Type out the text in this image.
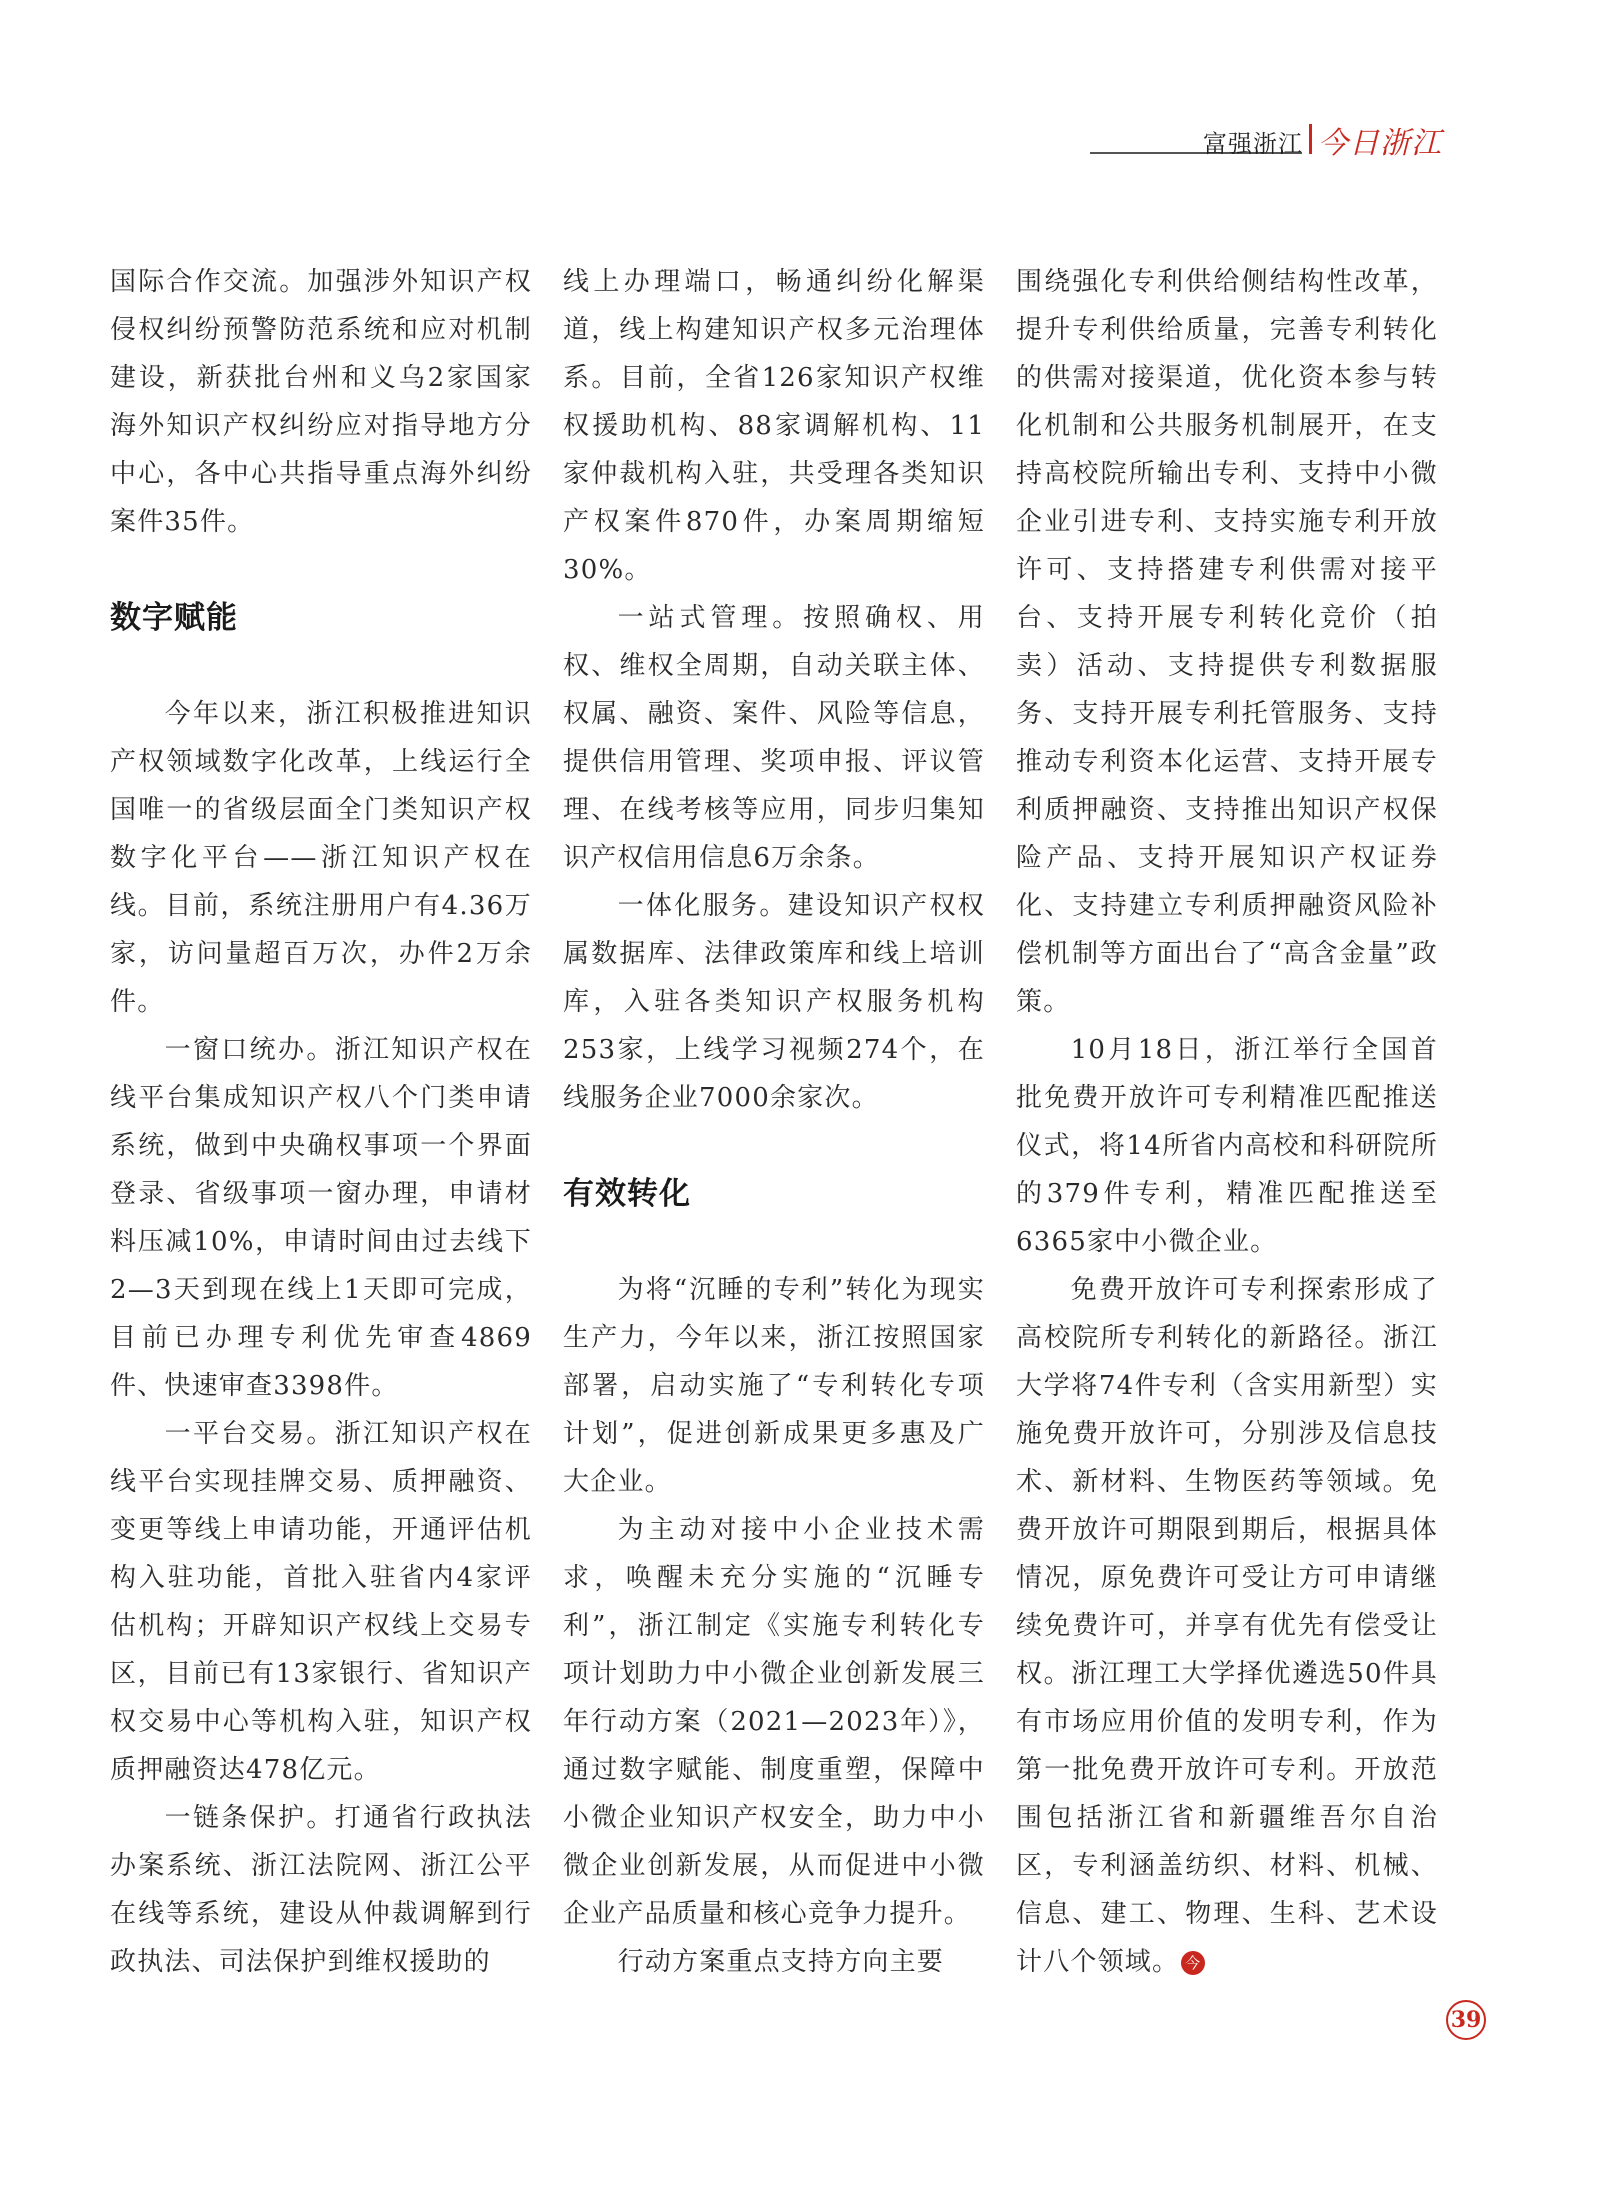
富强浙江 今日浙江

国际合作交流。加强涉外知识产权侵权纠纷预警防范系统和应对机制建设，新获批台州和义乌2家国家海外知识产权纠纷应对指导地方分中心，各中心共指导重点海外纠纷案件35件。

数字赋能

今年以来，浙江积极推进知识产权领域数字化改革，上线运行全国唯一的省级层面全门类知识产权数字化平台——浙江知识产权在线。目前，系统注册用户有4.36万家，访问量超百万次，办件2万余件。

一窗口统办。浙江知识产权在线平台集成知识产权八个门类申请系统，做到中央确权事项一个界面登录、省级事项一窗办理，申请材料压减10%，申请时间由过去线下2—3天到现在线上1天即可完成，目前已办理专利优先审查4869件、快速审查3398件。

一平台交易。浙江知识产权在线平台实现挂牌交易、质押融资、变更等线上申请功能，开通评估机构入驻功能，首批入驻省内4家评估机构；开辟知识产权线上交易专区，目前已有13家银行、省知识产权交易中心等机构入驻，知识产权质押融资达478亿元。

一链条保护。打通省行政执法办案系统、浙江法院网、浙江公平在线等系统，建设从仲裁调解到行政执法、司法保护到维权援助的

线上办理端口，畅通纠纷化解渠道，线上构建知识产权多元治理体系。目前，全省126家知识产权维权援助机构、88家调解机构、11家仲裁机构入驻，共受理各类知识产权案件870件，办案周期缩短30%。

一站式管理。按照确权、用权、维权全周期，自动关联主体、权属、融资、案件、风险等信息，提供信用管理、奖项申报、评议管理、在线考核等应用，同步归集知识产权信用信息6万余条。

一体化服务。建设知识产权权属数据库、法律政策库和线上培训库，入驻各类知识产权服务机构253家，上线学习视频274个，在线服务企业7000余家次。

有效转化

为将“沉睡的专利”转化为现实生产力，今年以来，浙江按照国家部署，启动实施了“专利转化专项计划”，促进创新成果更多惠及广大企业。

为主动对接中小企业技术需求，唤醒未充分实施的“沉睡专利”，浙江制定《实施专利转化专项计划助力中小微企业创新发展三年行动方案（2021—2023年）》，通过数字赋能、制度重塑，保障中小微企业知识产权安全，助力中小微企业创新发展，从而促进中小微企业产品质量和核心竞争力提升。

行动方案重点支持方向主要

围绕强化专利供给侧结构性改革，提升专利供给质量，完善专利转化的供需对接渠道，优化资本参与转化机制和公共服务机制展开，在支持高校院所输出专利、支持中小微企业引进专利、支持实施专利开放许可、支持搭建专利供需对接平台、支持开展专利转化竞价（拍卖）活动、支持提供专利数据服务、支持开展专利托管服务、支持推动专利资本化运营、支持开展专利质押融资、支持推出知识产权保险产品、支持开展知识产权证券化、支持建立专利质押融资风险补偿机制等方面出台了“高含金量”政策。

10月18日，浙江举行全国首批免费开放许可专利精准匹配推送仪式，将14所省内高校和科研院所的379件专利，精准匹配推送至6365家中小微企业。

免费开放许可专利探索形成了高校院所专利转化的新路径。浙江大学将74件专利（含实用新型）实施免费开放许可，分别涉及信息技术、新材料、生物医药等领域。免费开放许可期限到期后，根据具体情况，原免费许可受让方可申请继续免费许可，并享有优先有偿受让权。浙江理工大学择优遴选50件具有市场应用价值的发明专利，作为第一批免费开放许可专利。开放范围包括浙江省和新疆维吾尔自治区，专利涵盖纺织、材料、机械、信息、建工、物理、生科、艺术设计八个领域。 今

39
